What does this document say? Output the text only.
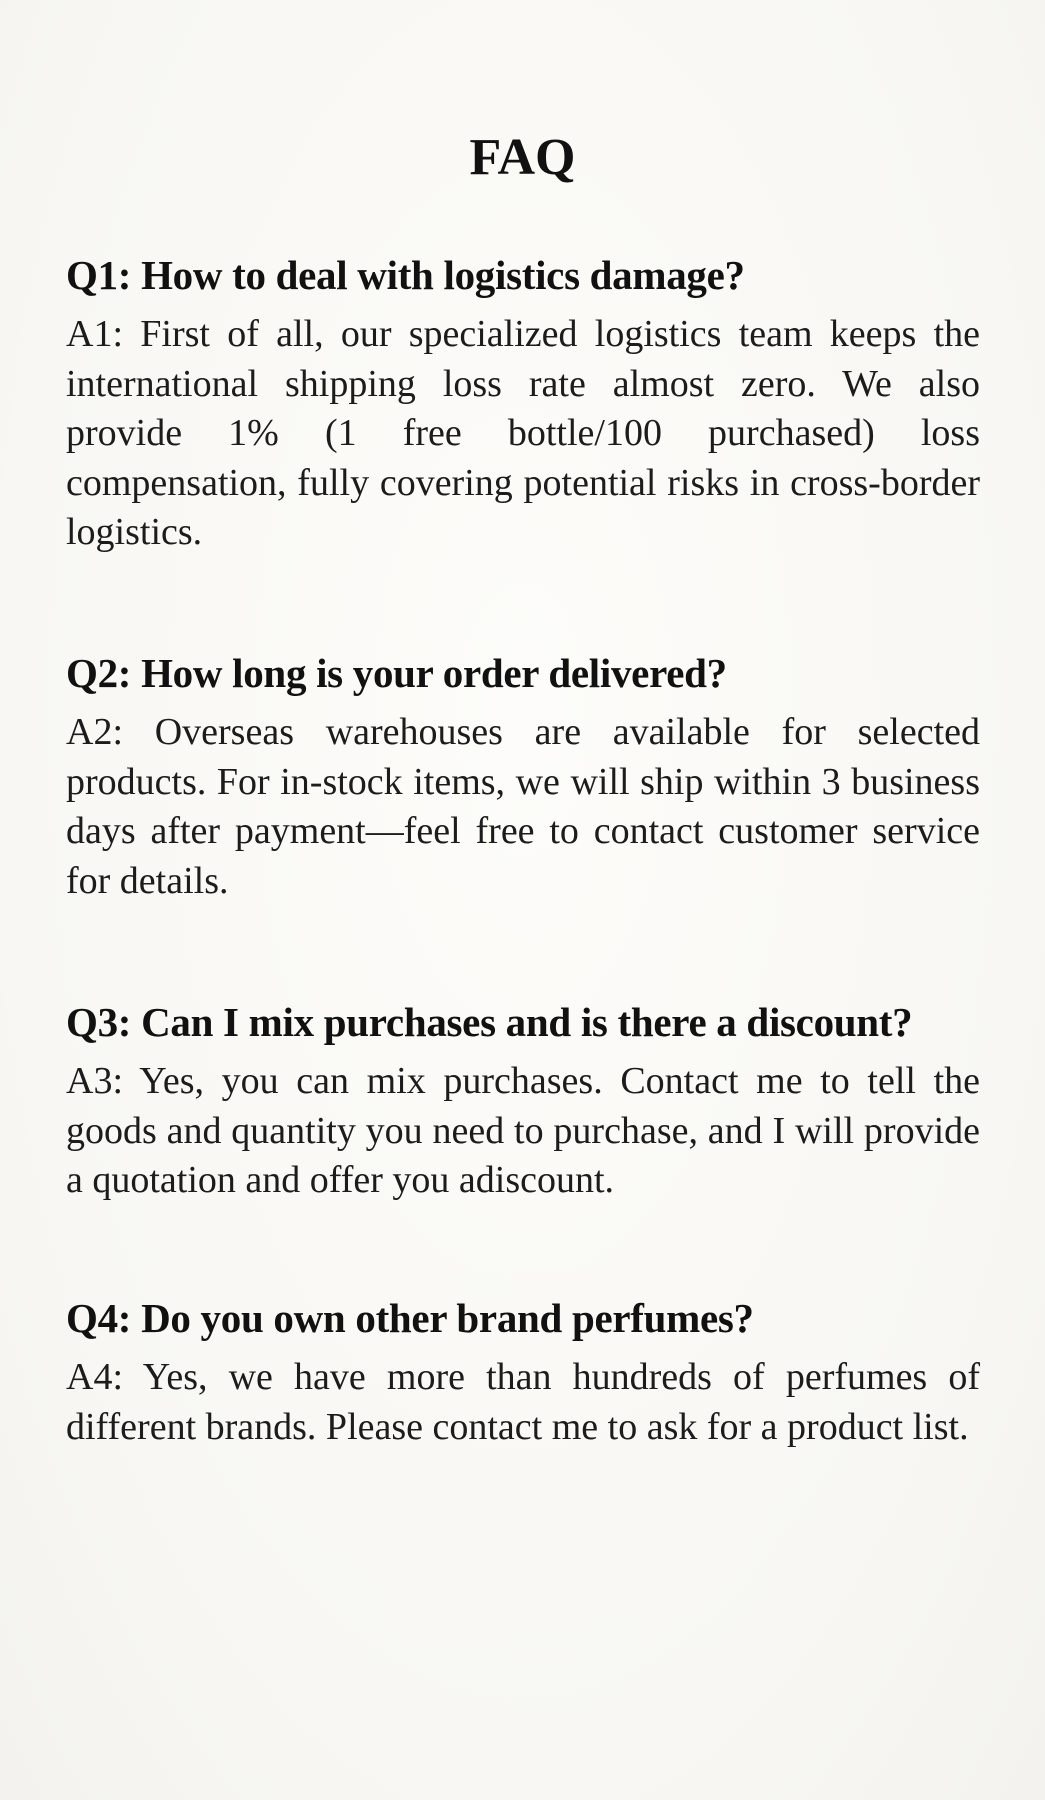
FAQ

Q1: How to deal with logistics damage?

A1: First of all, our specialized logistics team keeps the international shipping loss rate almost zero. We also provide 1% (1 free bottle/100 purchased) loss compensation, fully covering potential risks in cross-border logistics.

Q2: How long is your order delivered?

A2: Overseas warehouses are available for selected products. For in-stock items, we will ship within 3 business days after payment—feel free to contact customer service for details.

Q3: Can I mix purchases and is there a discount?

A3: Yes, you can mix purchases. Contact me to tell the goods and quantity you need to purchase, and I will provide a quotation and offer you adiscount.

Q4: Do you own other brand perfumes?

A4: Yes, we have more than hundreds of perfumes of different brands. Please contact me to ask for a product list.
